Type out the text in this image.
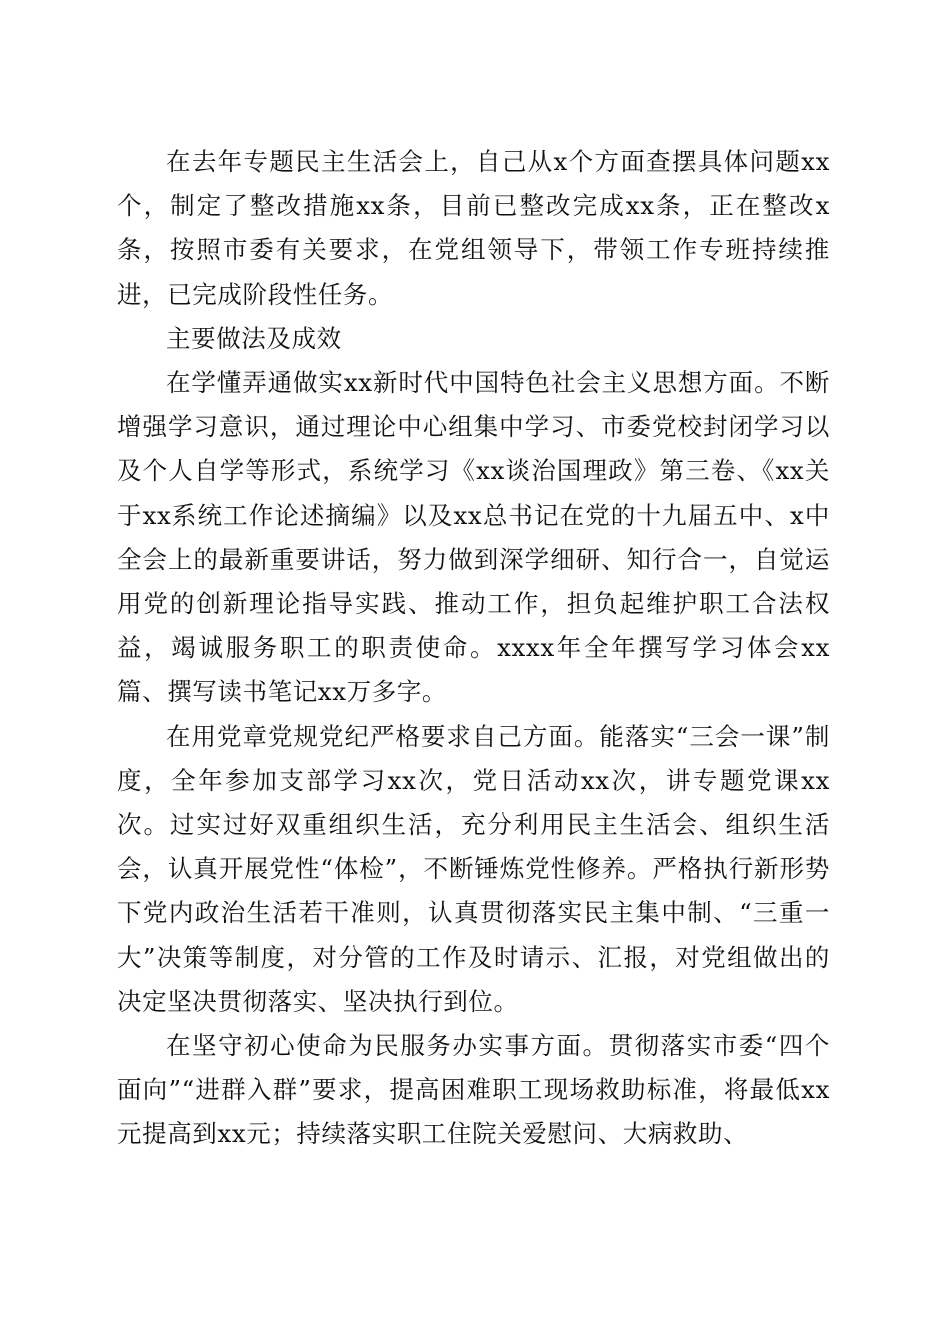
在去年专题民主生活会上，自己从x个方面查摆具体问题xx个，制定了整改措施xx条，目前已整改完成xx条，正在整改x条，按照市委有关要求，在党组领导下，带领工作专班持续推进，已完成阶段性任务。

主要做法及成效

在学懂弄通做实xx新时代中国特色社会主义思想方面。不断增强学习意识，通过理论中心组集中学习、市委党校封闭学习以及个人自学等形式，系统学习《xx谈治国理政》第三卷、《xx关于xx系统工作论述摘编》以及xx总书记在党的十九届五中、x中全会上的最新重要讲话，努力做到深学细研、知行合一，自觉运用党的创新理论指导实践、推动工作，担负起维护职工合法权益，竭诚服务职工的职责使命。xxxx年全年撰写学习体会xx篇、撰写读书笔记xx万多字。

在用党章党规党纪严格要求自己方面。能落实“三会一课”制度，全年参加支部学习xx次，党日活动xx次，讲专题党课xx次。过实过好双重组织生活，充分利用民主生活会、组织生活会，认真开展党性“体检”，不断锤炼党性修养。严格执行新形势下党内政治生活若干准则，认真贯彻落实民主集中制、“三重一大”决策等制度，对分管的工作及时请示、汇报，对党组做出的决定坚决贯彻落实、坚决执行到位。

在坚守初心使命为民服务办实事方面。贯彻落实市委“四个面向”“进群入群”要求，提高困难职工现场救助标准，将最低xx元提高到xx元；持续落实职工住院关爱慰问、大病救助、
